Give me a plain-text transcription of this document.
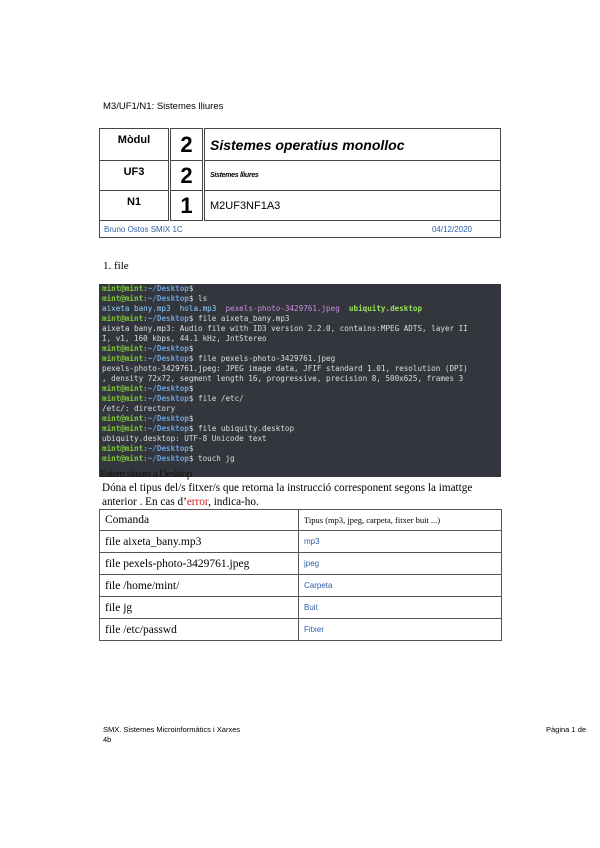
M3/UF1/N1: Sistemes lliures
Mòdul	2	Sistemes operatius monolloc
UF3	2	Sistemes lliures
N1	1	M2UF3NF1A3
Bruno Ostos SMIX 1C		04/12/2020
1. file
mint@mint:~/Desktop$
mint@mint:~/Desktop$ ls
aixeta bany.mp3 hola.mp3 pexels-photo-3429761.jpeg ubiquity.desktop
mint@mint:~/Desktop$ file aixeta_bany.mp3
aixeta bany.mp3: Audio file with ID3 version 2.2.0, contains:MPEG ADTS, layer II
I, v1, 160 kbps, 44.1 kHz, JntStereo
mint@mint:~/Desktop$
mint@mint:~/Desktop$ file pexels-photo-3429761.jpeg
pexels-photo-3429761.jpeg: JPEG image data, JFIF standard 1.01, resolution (DPI)
, density 72x72, segment length 16, progressive, precision 8, 500x625, frames 3
mint@mint:~/Desktop$
mint@mint:~/Desktop$ file /etc/
/etc/: directory
mint@mint:~/Desktop$
mint@mint:~/Desktop$ file ubiquity.desktop
ubiquity.desktop: UTF-8 Unicode text
mint@mint:~/Desktop$
mint@mint:~/Desktop$ touch jg
Estem situats a Desktop
Dóna el tipus del/s fitxer/s que retorna la instrucció corresponent segons la imattge anterior . En cas d’error, indica-ho.
Comanda	Tipus (mp3, jpeg, carpeta, fitxer buit ...)
file aixeta_bany.mp3	mp3
file pexels-photo-3429761.jpeg	jpeg
file /home/mint/	Carpeta
file jg	Buit
file /etc/passwd	Fitxer
SMX. Sistemes Microinformàtics i Xarxes
4b
Pàgina 1 de
